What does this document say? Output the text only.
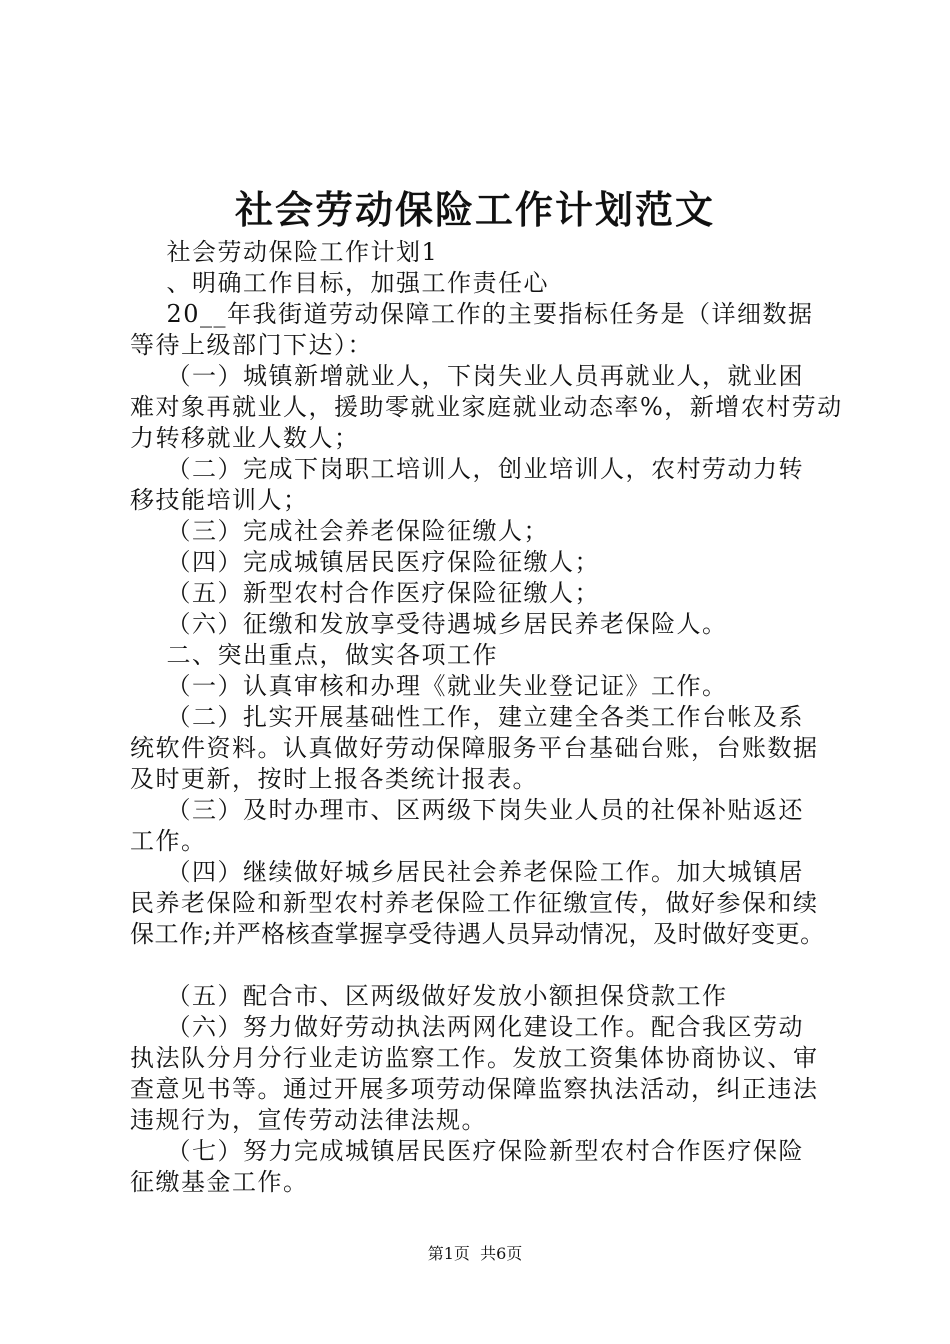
社会劳动保险工作计划范文
社会劳动保险工作计划1
、明确工作目标，加强工作责任心
20__年我街道劳动保障工作的主要指标任务是（详细数据
等待上级部门下达）：
（一）城镇新增就业人，下岗失业人员再就业人，就业困
难对象再就业人，援助零就业家庭就业动态率%，新增农村劳动
力转移就业人数人；
（二）完成下岗职工培训人，创业培训人，农村劳动力转
移技能培训人；
（三）完成社会养老保险征缴人；
（四）完成城镇居民医疗保险征缴人；
（五）新型农村合作医疗保险征缴人；
（六）征缴和发放享受待遇城乡居民养老保险人。
二、突出重点，做实各项工作
（一）认真审核和办理《就业失业登记证》工作。
（二）扎实开展基础性工作，建立建全各类工作台帐及系
统软件资料。认真做好劳动保障服务平台基础台账，台账数据
及时更新，按时上报各类统计报表。
（三）及时办理市、区两级下岗失业人员的社保补贴返还
工作。
（四）继续做好城乡居民社会养老保险工作。加大城镇居
民养老保险和新型农村养老保险工作征缴宣传，做好参保和续
保工作;并严格核查掌握享受待遇人员异动情况，及时做好变更。
（五）配合市、区两级做好发放小额担保贷款工作
（六）努力做好劳动执法两网化建设工作。配合我区劳动
执法队分月分行业走访监察工作。发放工资集体协商协议、审
查意见书等。通过开展多项劳动保障监察执法活动，纠正违法
违规行为，宣传劳动法律法规。
（七）努力完成城镇居民医疗保险新型农村合作医疗保险
征缴基金工作。
第1页  共6页
